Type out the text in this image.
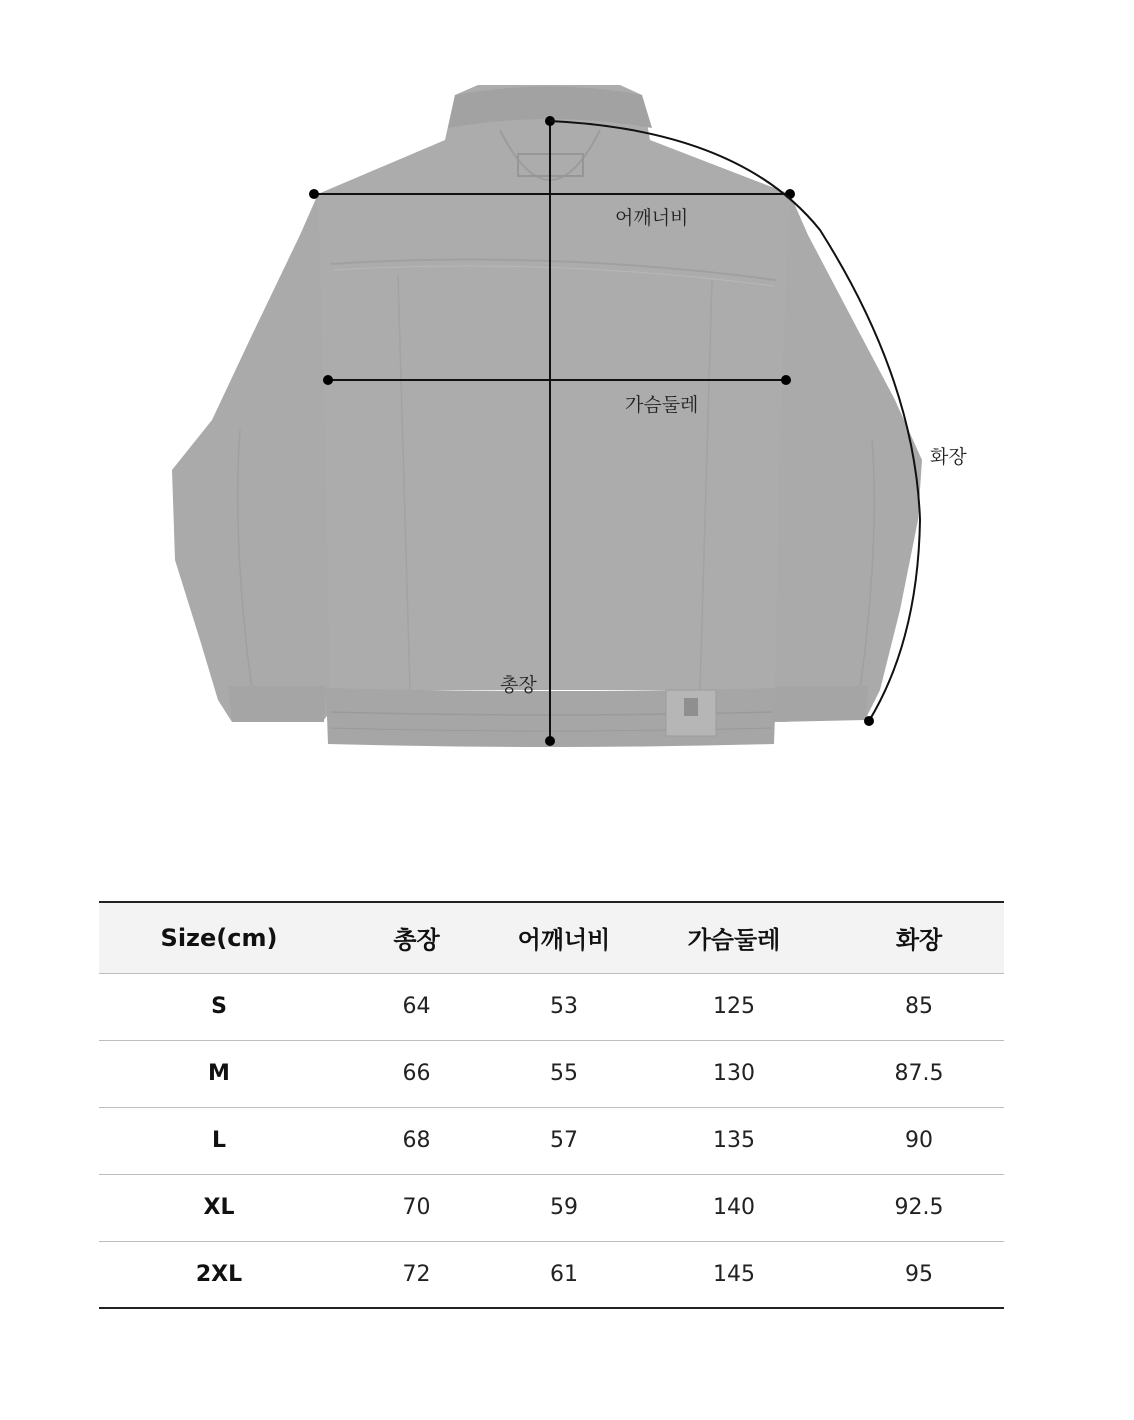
어깨너비
가슴둘레
화장
총장
Size(cm)	총장	어깨너비	가슴둘레	화장
S	64	53	125	85
M	66	55	130	87.5
L	68	57	135	90
XL	70	59	140	92.5
2XL	72	61	145	95
